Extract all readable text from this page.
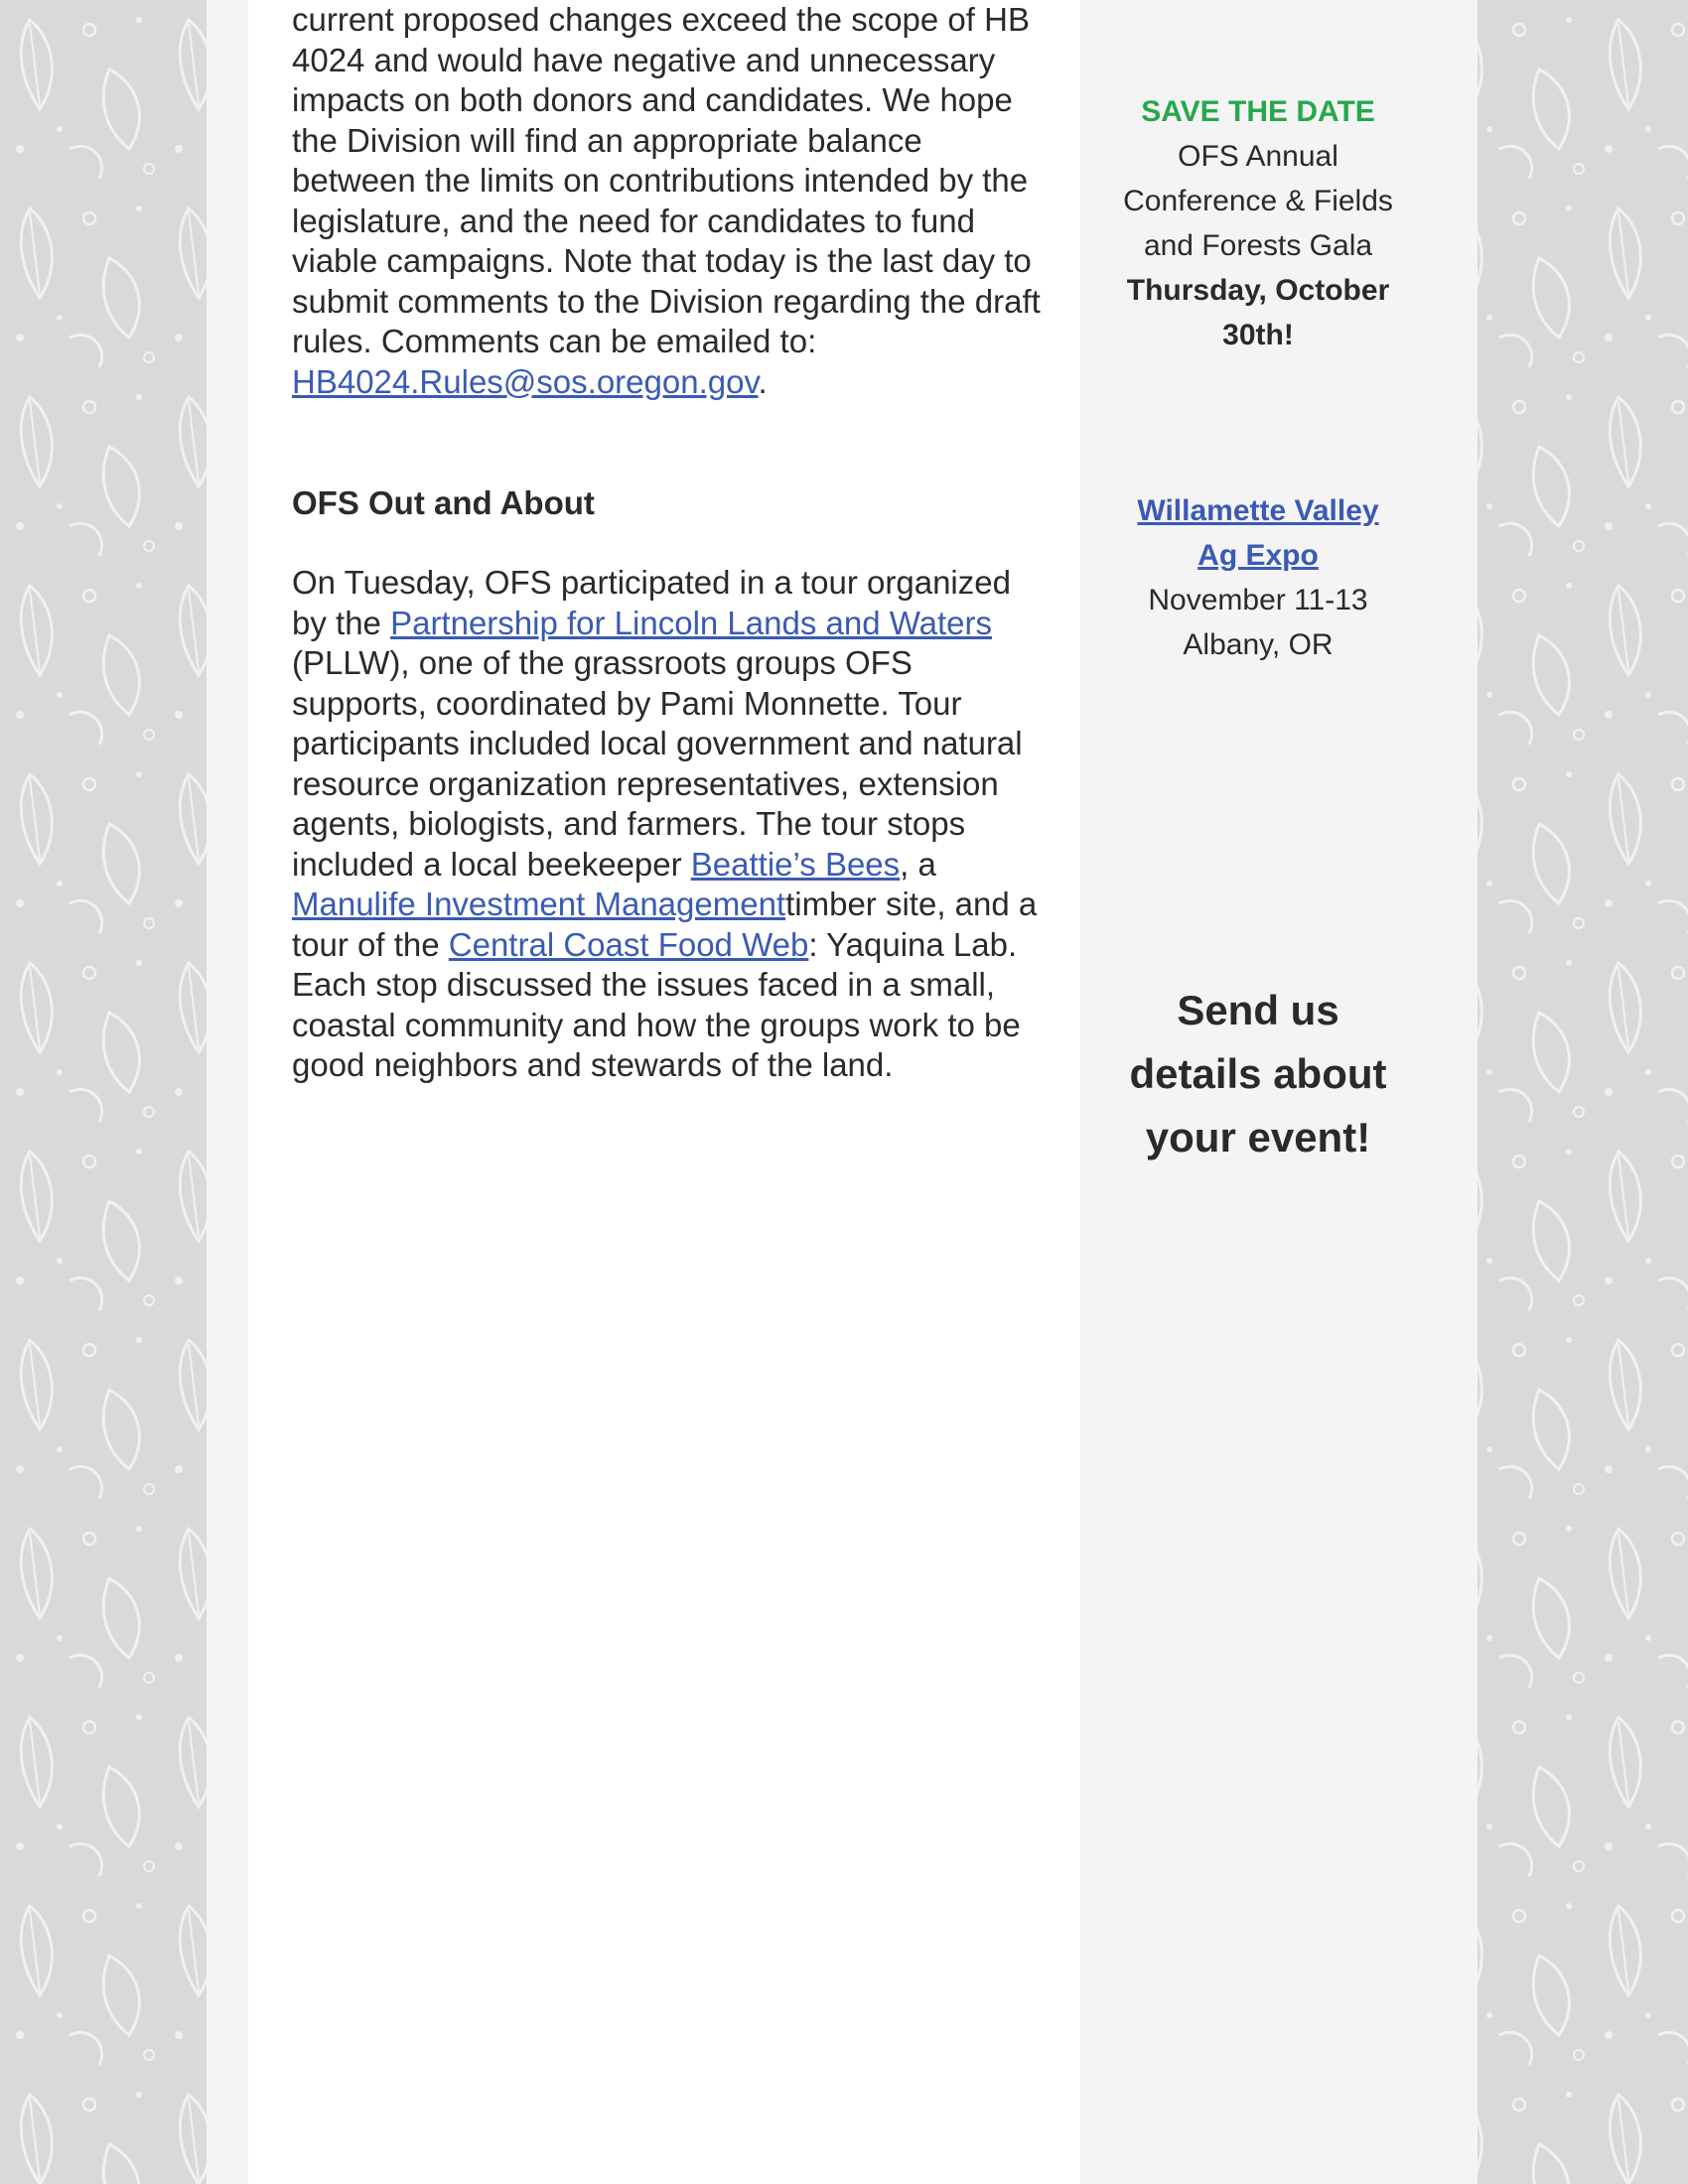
current proposed changes exceed the scope of HB 4024 and would have negative and unnecessary impacts on both donors and candidates. We hope the Division will find an appropriate balance between the limits on contributions intended by the legislature, and the need for candidates to fund viable campaigns. Note that today is the last day to submit comments to the Division regarding the draft rules. Comments can be emailed to: HB4024.Rules@sos.oregon.gov.

OFS Out and About

On Tuesday, OFS participated in a tour organized by the Partnership for Lincoln Lands and Waters (PLLW), one of the grassroots groups OFS supports, coordinated by Pami Monnette. Tour participants included local government and natural resource organization representatives, extension agents, biologists, and farmers. The tour stops included a local beekeeper Beattie’s Bees, a Manulife Investment Managementtimber site, and a tour of the Central Coast Food Web: Yaquina Lab. Each stop discussed the issues faced in a small, coastal community and how the groups work to be good neighbors and stewards of the land.

SAVE THE DATE
OFS Annual
Conference & Fields
and Forests Gala
Thursday, October
30th!
Willamette Valley
Ag Expo
November 11-13
Albany, OR
Send us
details about
your event!
